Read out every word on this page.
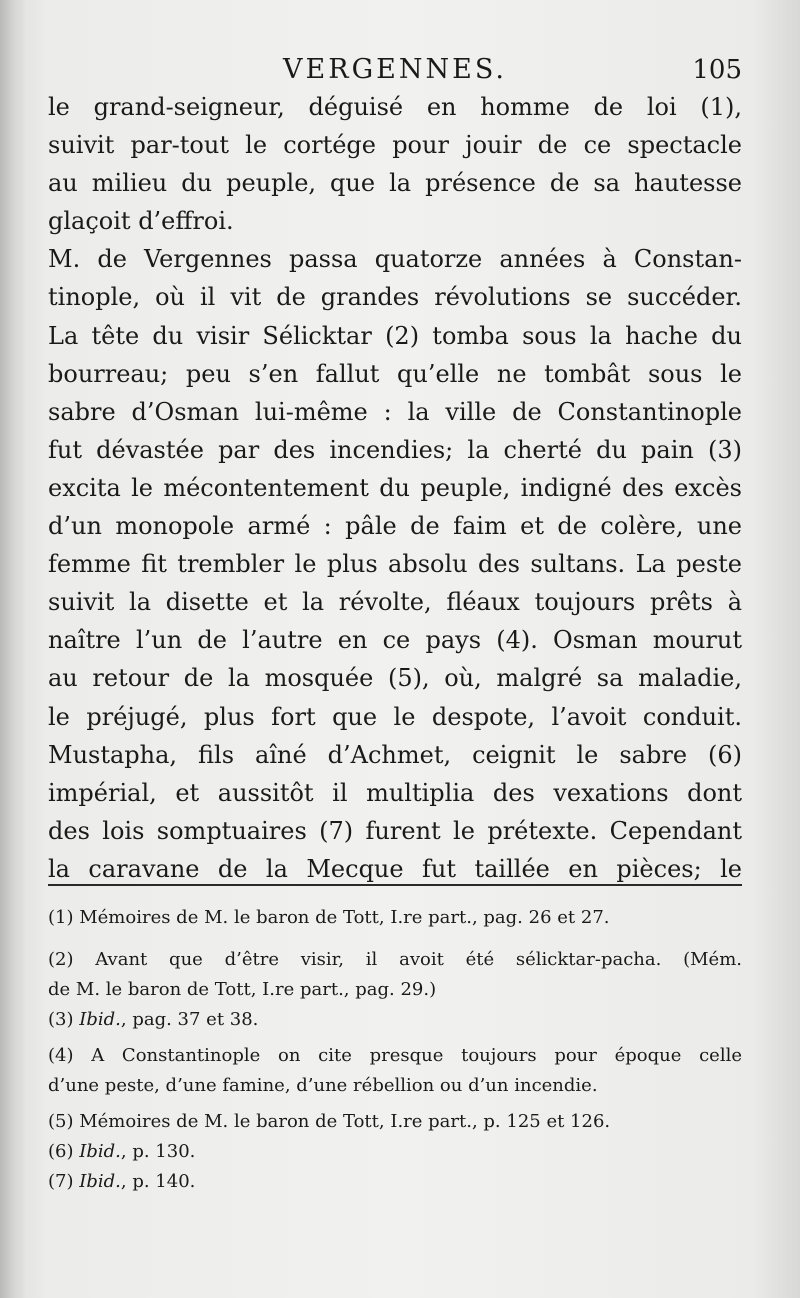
VERGENNES.	105
le grand-seigneur, déguisé en homme de loi (1),
suivit par-tout le cortége pour jouir de ce spectacle
au milieu du peuple, que la présence de sa hautesse
glaçoit d’effroi.
M. de Vergennes passa quatorze années à Constan-
tinople, où il vit de grandes révolutions se succéder.
La tête du visir Sélicktar (2) tomba sous la hache du
bourreau; peu s’en fallut qu’elle ne tombât sous le
sabre d’Osman lui-même : la ville de Constantinople
fut dévastée par des incendies; la cherté du pain (3)
excita le mécontentement du peuple, indigné des excès
d’un monopole armé : pâle de faim et de colère, une
femme fit trembler le plus absolu des sultans. La peste
suivit la disette et la révolte, fléaux toujours prêts à
naître l’un de l’autre en ce pays (4). Osman mourut
au retour de la mosquée (5), où, malgré sa maladie,
le préjugé, plus fort que le despote, l’avoit conduit.
Mustapha, fils aîné d’Achmet, ceignit le sabre (6)
impérial, et aussitôt il multiplia des vexations dont
des lois somptuaires (7) furent le prétexte. Cependant
la caravane de la Mecque fut taillée en pièces; le
(1) Mémoires de M. le baron de Tott, I.re part., pag. 26 et 27.
(2) Avant que d’être visir, il avoit été sélicktar-pacha. (Mém.
de M. le baron de Tott, I.re part., pag. 29.)
(3) Ibid., pag. 37 et 38.
(4) A Constantinople on cite presque toujours pour époque celle
d’une peste, d’une famine, d’une rébellion ou d’un incendie.
(5) Mémoires de M. le baron de Tott, I.re part., p. 125 et 126.
(6) Ibid., p. 130.
(7) Ibid., p. 140.
